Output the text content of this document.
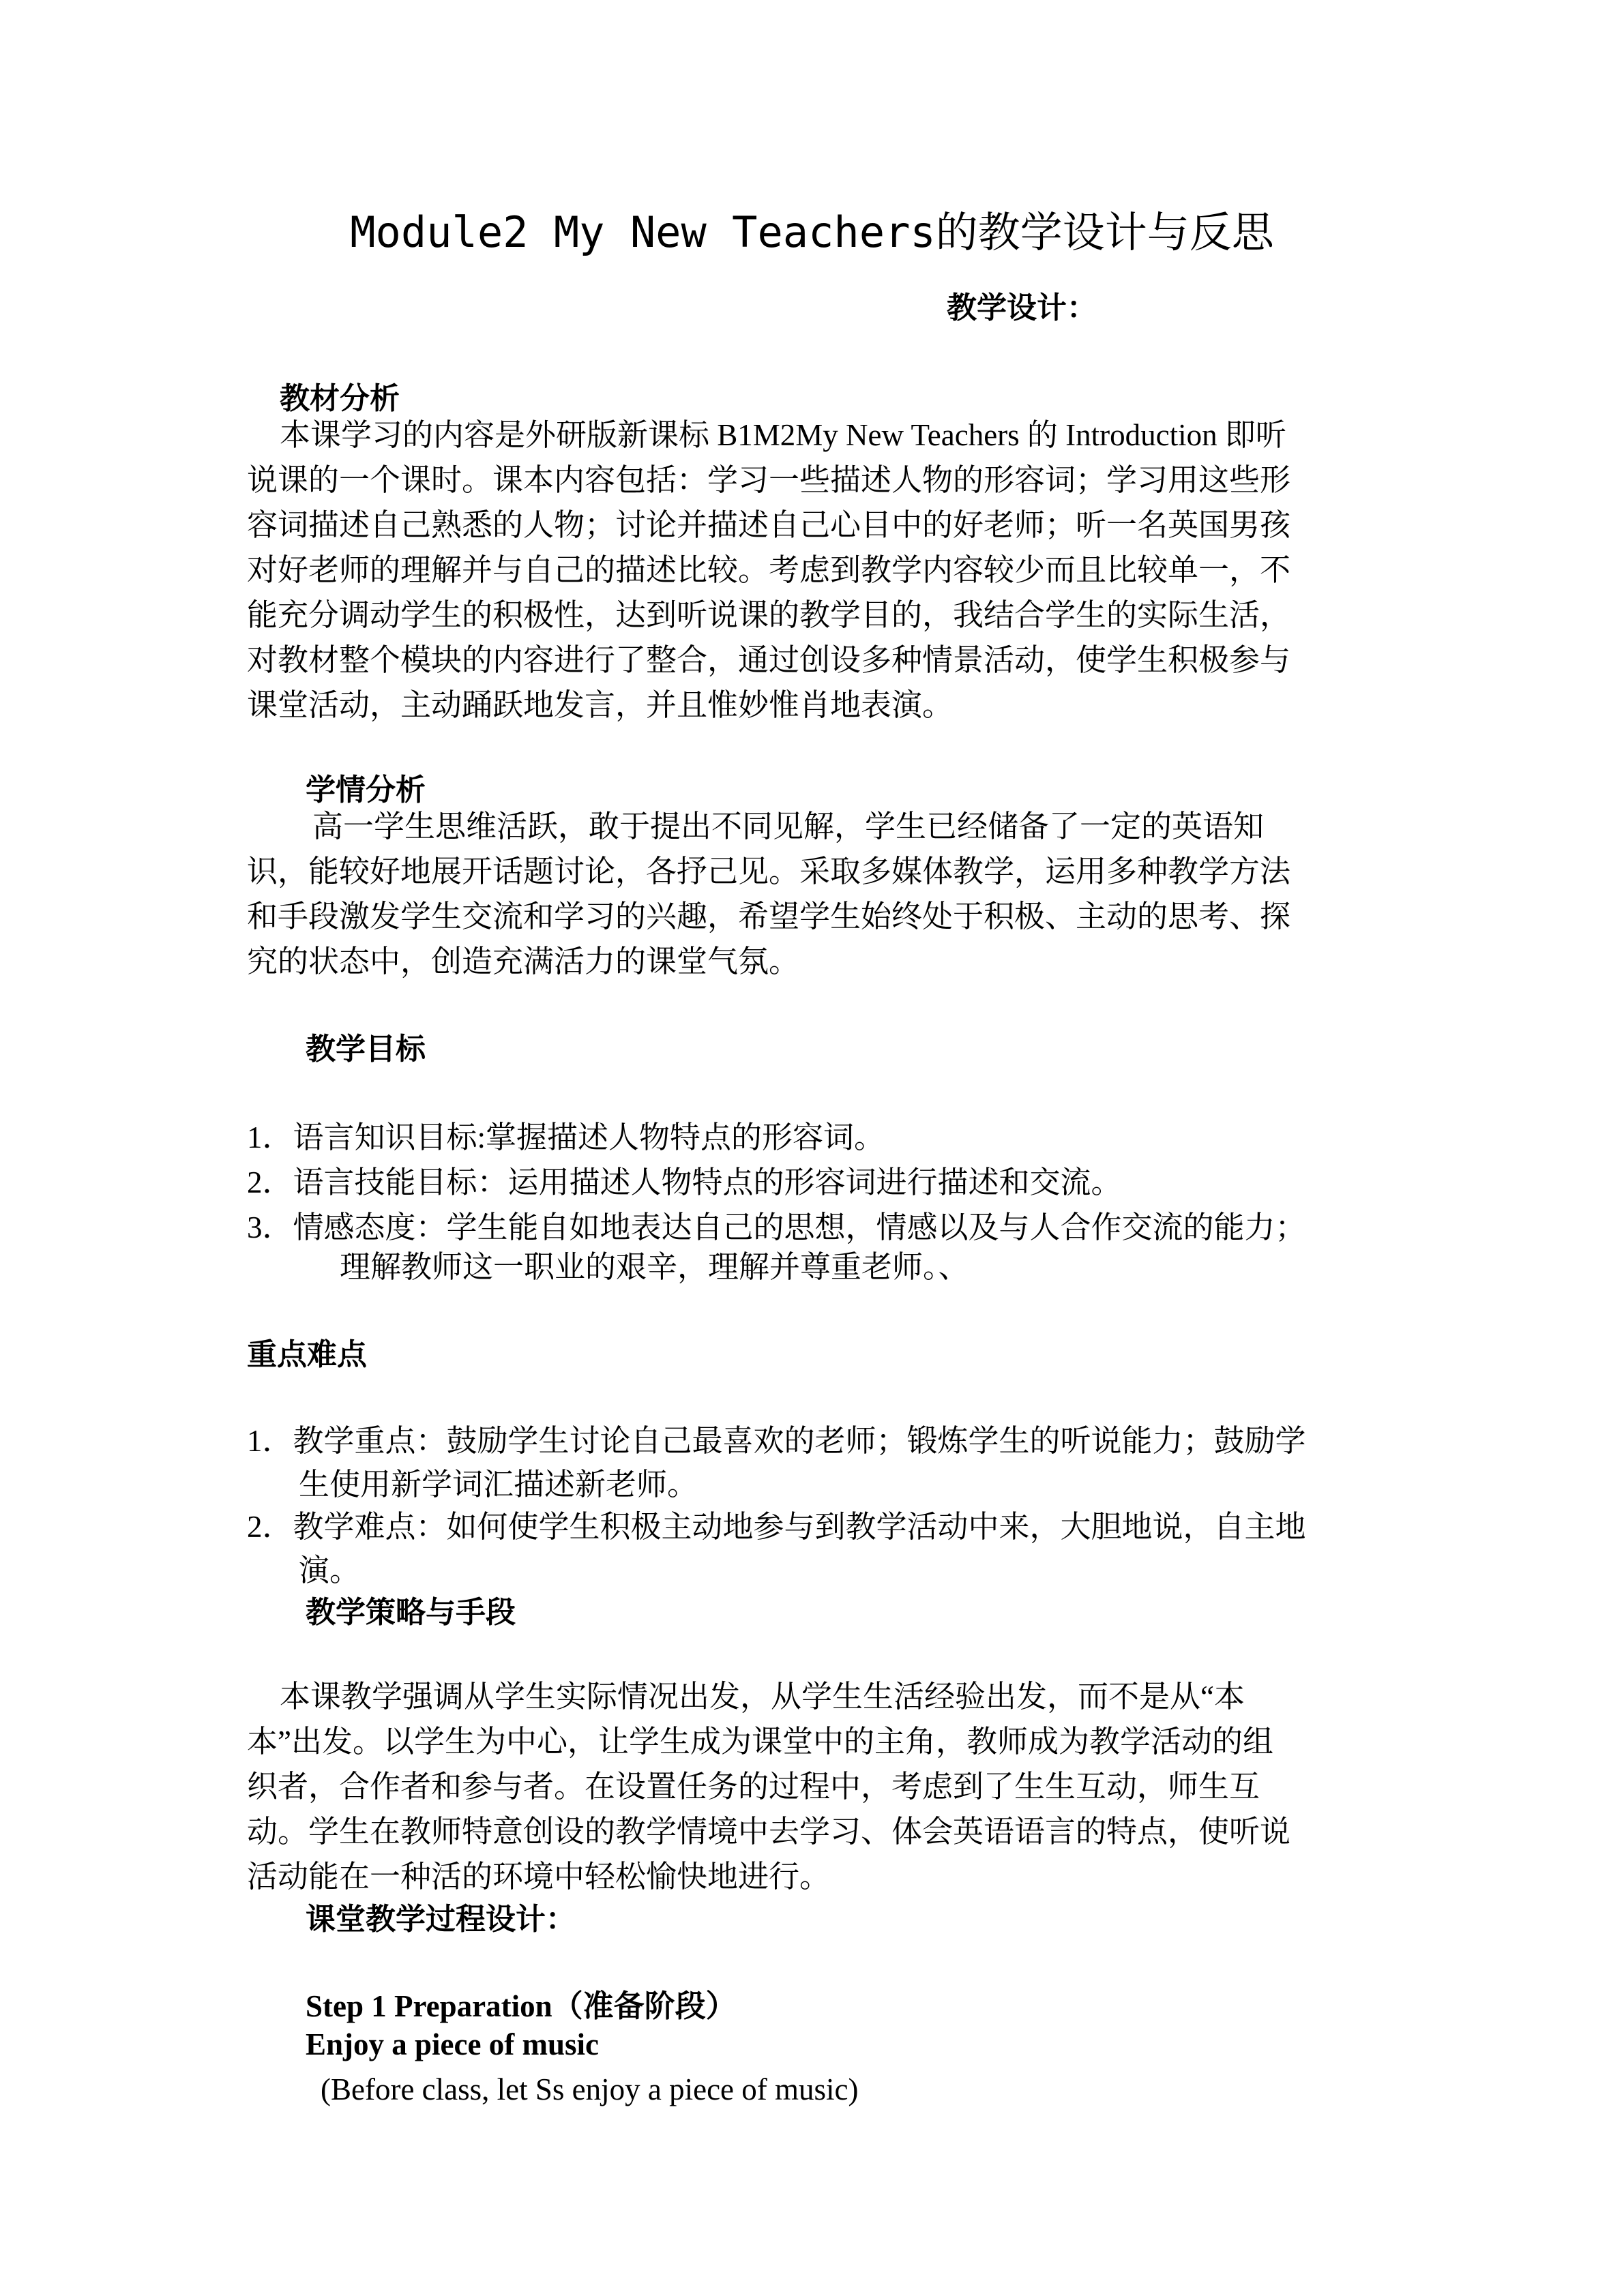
Module2 My New Teachers的教学设计与反思
教学设计：
教材分析
本课学习的内容是外研版新课标 B1M2My New Teachers 的 Introduction 即听
说课的一个课时。课本内容包括：学习一些描述人物的形容词；学习用这些形
容词描述自己熟悉的人物；讨论并描述自己心目中的好老师；听一名英国男孩
对好老师的理解并与自己的描述比较。考虑到教学内容较少而且比较单一，不
能充分调动学生的积极性，达到听说课的教学目的，我结合学生的实际生活，
对教材整个模块的内容进行了整合，通过创设多种情景活动，使学生积极参与
课堂活动，主动踊跃地发言，并且惟妙惟肖地表演。
学情分析
高一学生思维活跃，敢于提出不同见解，学生已经储备了一定的英语知
识，能较好地展开话题讨论，各抒己见。采取多媒体教学，运用多种教学方法
和手段激发学生交流和学习的兴趣，希望学生始终处于积极、主动的思考、探
究的状态中，创造充满活力的课堂气氛。
教学目标
1．语言知识目标:掌握描述人物特点的形容词。
2．语言技能目标：运用描述人物特点的形容词进行描述和交流。
3．情感态度：学生能自如地表达自己的思想，情感以及与人合作交流的能力；
理解教师这一职业的艰辛，理解并尊重老师。、
重点难点
1．教学重点：鼓励学生讨论自己最喜欢的老师；锻炼学生的听说能力；鼓励学
生使用新学词汇描述新老师。
2．教学难点：如何使学生积极主动地参与到教学活动中来，大胆地说，自主地
演。
教学策略与手段
本课教学强调从学生实际情况出发，从学生生活经验出发，而不是从“本
本”出发。以学生为中心，让学生成为课堂中的主角，教师成为教学活动的组
织者，合作者和参与者。在设置任务的过程中，考虑到了生生互动，师生互
动。学生在教师特意创设的教学情境中去学习、体会英语语言的特点，使听说
活动能在一种活的环境中轻松愉快地进行。
课堂教学过程设计：
Step 1 Preparation（准备阶段）
Enjoy a piece of music
(Before class, let Ss enjoy a piece of music)
